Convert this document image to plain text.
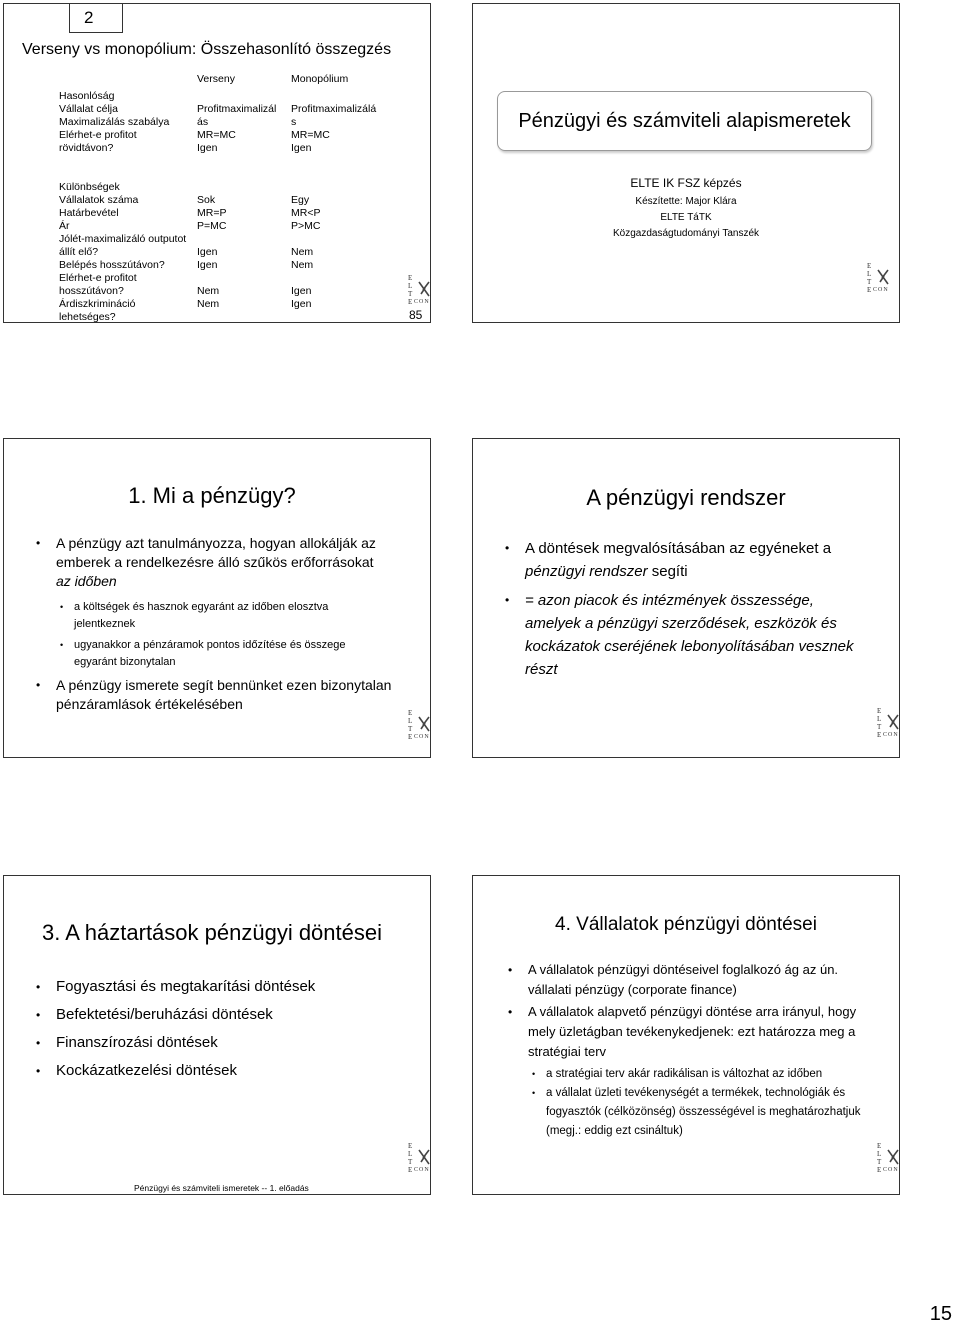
2
Verseny vs monopólium: Összehasonlító összegzés
Verseny	Monopólium
Hasonlóság
Vállalat célja
Maximalizálás szabálya
Elérhet-e profitot
rövidtávon?
Különbségek
Vállalatok száma
Határbevétel
Ár
Jólét-maximalizáló outputot
állít elő?
Belépés hosszútávon?
Elérhet-e profitot
hosszútávon?
Árdiszkrimináció
lehetséges?
Profitmaximalizál
ás
MR=MC
Igen
Sok
MR=P
P=MC
Igen
Igen
Nem
Nem
Profitmaximalizálá
s
MR=MC
Igen
Egy
MR<P
P>MC
Nem
Nem
Igen
Igen
E
L
T
E CON
85
Pénzügyi és számviteli alapismeretek
ELTE IK FSZ képzés
Készítette: Major Klára
ELTE TáTK
Közgazdaságtudományi Tanszék
E
L
T
E CON
1. Mi a pénzügy?
• A pénzügy azt tanulmányozza, hogyan allokálják az emberek a rendelkezésre álló szűkös erőforrásokat az időben
• a költségek és hasznok egyaránt az időben elosztva jelentkeznek
• ugyanakkor a pénzáramok pontos időzítése és összege egyaránt bizonytalan
• A pénzügy ismerete segít bennünket ezen bizonytalan pénzáramlások értékelésében
E
L
T
E CON
A pénzügyi rendszer
• A döntések megvalósításában az egyéneket a pénzügyi rendszer segíti
• = azon piacok és intézmények összessége, amelyek a pénzügyi szerződések, eszközök és kockázatok cseréjének lebonyolításában vesznek részt
E
L
T
E CON
3. A háztartások pénzügyi döntései
• Fogyasztási és megtakarítási döntések
• Befektetési/beruházási döntések
• Finanszírozási döntések
• Kockázatkezelési döntések
E
L
T
E CON
Pénzügyi és számviteli ismeretek -- 1. előadás
4. Vállalatok pénzügyi döntései
• A vállalatok pénzügyi döntéseivel foglalkozó ág az ún. vállalati pénzügy (corporate finance)
• A vállalatok alapvető pénzügyi döntése arra irányul, hogy mely üzletágban tevékenykedjenek: ezt határozza meg a stratégiai terv
• a stratégiai terv akár radikálisan is változhat az időben
• a vállalat üzleti tevékenységét a termékek, technológiák és fogyasztók (célközönség) összességével is meghatározhatjuk (megj.: eddig ezt csináltuk)
E
L
T
E CON
15
